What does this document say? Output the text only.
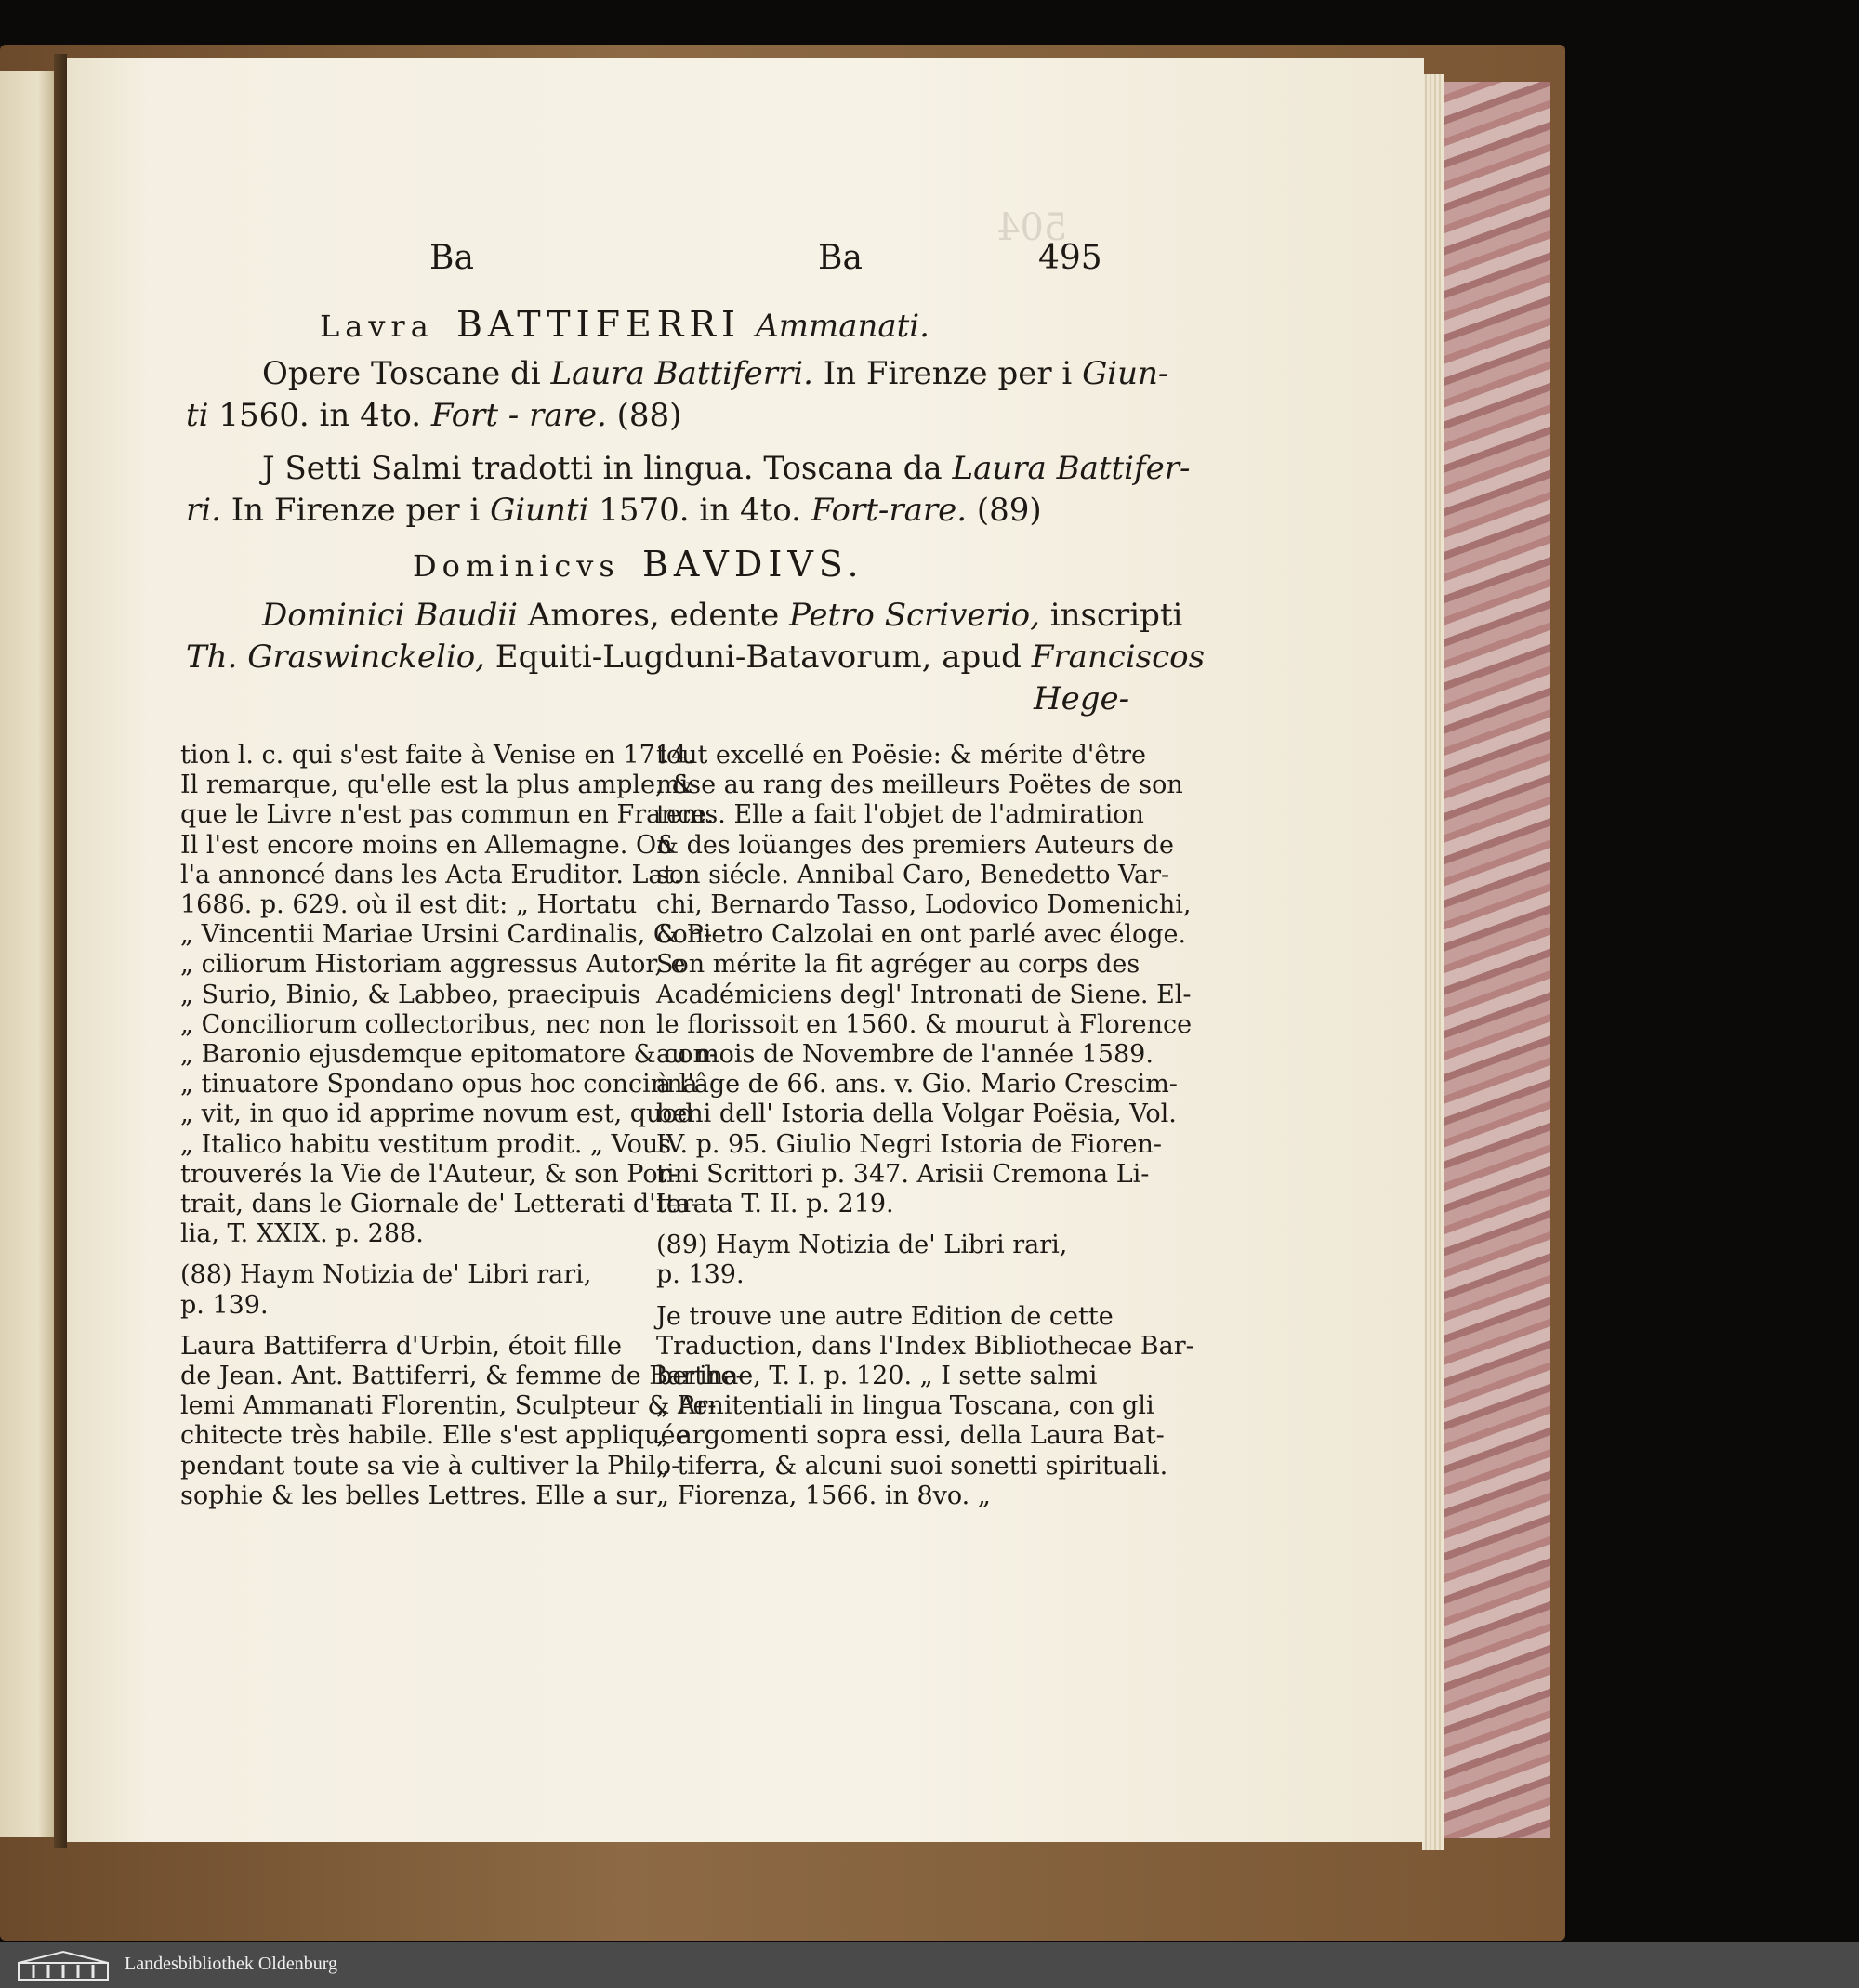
504
Ba	Ba	495
Lavra BATTIFERRI Ammanati.
Opere Toscane di Laura Battiferri. In Firenze per i Giun-
ti 1560. in 4to. Fort - rare. (88)
J Setti Salmi tradotti in lingua. Toscana da Laura Battifer-
ri. In Firenze per i Giunti 1570. in 4to. Fort-rare. (89)
Dominicvs BAVDIVS.
Dominici Baudii Amores, edente Petro Scriverio, inscripti
Th. Graswinckelio, Equiti-Lugduni-Batavorum, apud Franciscos
Hege-
tion l. c. qui s'est faite à Venise en 1714.
Il remarque, qu'elle est la plus ample, &
que le Livre n'est pas commun en France.
Il l'est encore moins en Allemagne. On
l'a annoncé dans les Acta Eruditor. Lat.
1686. p. 629. où il est dit: „ Hortatu
„ Vincentii Mariae Ursini Cardinalis, Con-
„ ciliorum Historiam aggressus Autor, e
„ Surio, Binio, & Labbeo, praecipuis
„ Conciliorum collectoribus, nec non
„ Baronio ejusdemque epitomatore & con-
„ tinuatore Spondano opus hoc concinna-
„ vit, in quo id apprime novum est, quod
„ Italico habitu vestitum prodit. „ Vous
trouverés la Vie de l'Auteur, & son Por-
trait, dans le Giornale de' Letterati d'Ita-
lia, T. XXIX. p. 288.

(88) Haym Notizia de' Libri rari,
p. 139.

Laura Battiferra d'Urbin, étoit fille
de Jean. Ant. Battiferri, & femme de Barthe-
lemi Ammanati Florentin, Sculpteur & Ar-
chitecte très habile. Elle s'est appliquée
pendant toute sa vie à cultiver la Philo-
sophie & les belles Lettres. Elle a sur
tout excellé en Poësie: & mérite d'être
mise au rang des meilleurs Poëtes de son
tems. Elle a fait l'objet de l'admiration
& des loüanges des premiers Auteurs de
son siécle. Annibal Caro, Benedetto Var-
chi, Bernardo Tasso, Lodovico Domenichi,
& Pietro Calzolai en ont parlé avec éloge.
Son mérite la fit agréger au corps des
Académiciens degl' Intronati de Siene. El-
le florissoit en 1560. & mourut à Florence
au mois de Novembre de l'année 1589.
à l'âge de 66. ans. v. Gio. Mario Crescim-
beni dell' Istoria della Volgar Poësia, Vol.
IV. p. 95. Giulio Negri Istoria de Fioren-
tini Scrittori p. 347. Arisii Cremona Li-
terata T. II. p. 219.

(89) Haym Notizia de' Libri rari,
p. 139.

Je trouve une autre Edition de cette
Traduction, dans l'Index Bibliothecae Bar-
berinae, T. I. p. 120. „ I sette salmi
„ Penitentiali in lingua Toscana, con gli
„ argomenti sopra essi, della Laura Bat-
„ tiferra, & alcuni suoi sonetti spirituali.
„ Fiorenza, 1566. in 8vo. „
Landesbibliothek Oldenburg
